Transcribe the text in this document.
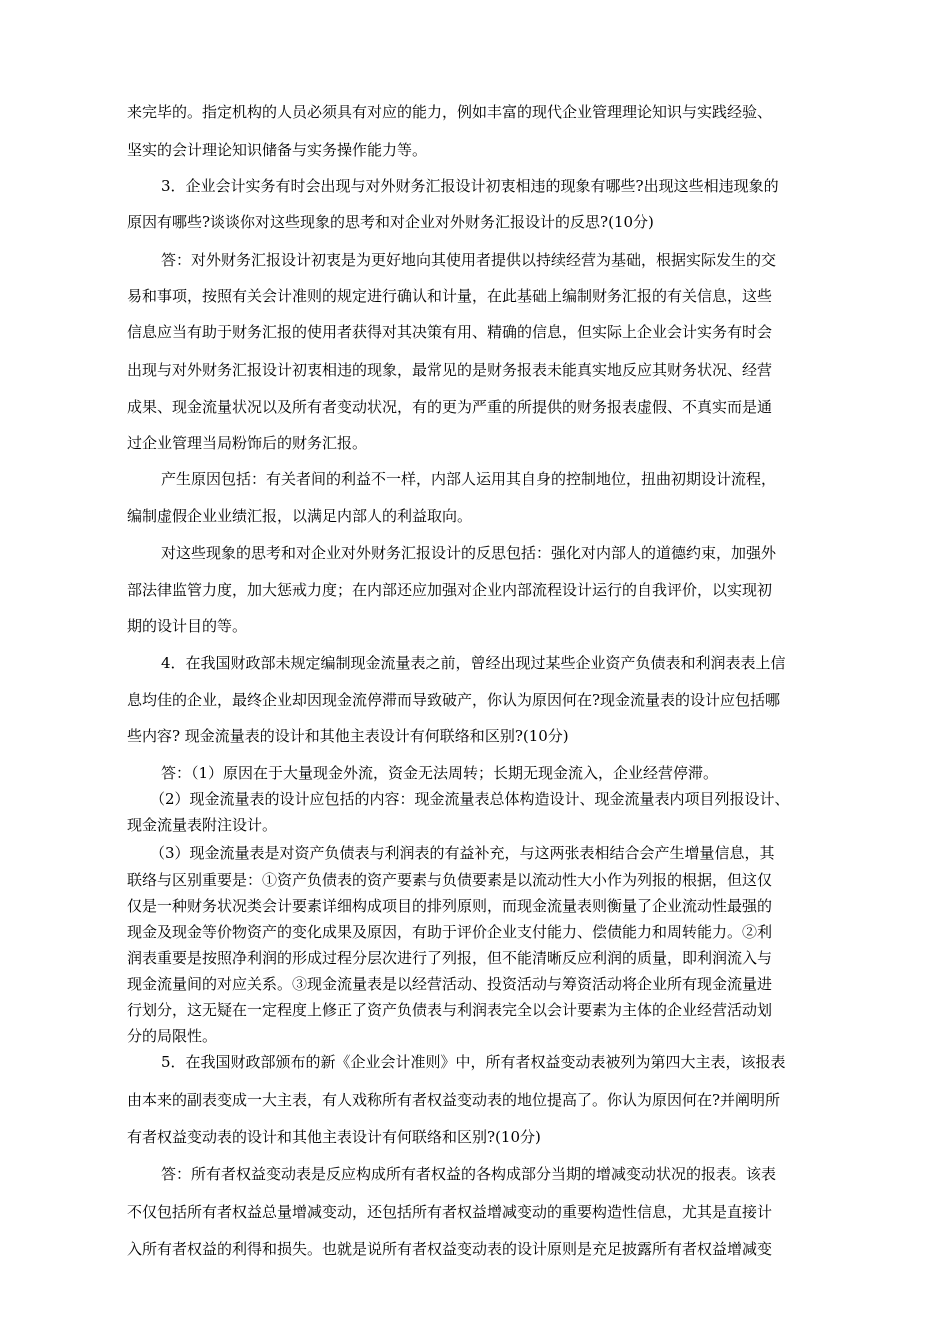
来完毕的。指定机构的人员必须具有对应的能力，例如丰富的现代企业管理理论知识与实践经验、
坚实的会计理论知识储备与实务操作能力等。
3．企业会计实务有时会出现与对外财务汇报设计初衷相违的现象有哪些?出现这些相违现象的
原因有哪些?谈谈你对这些现象的思考和对企业对外财务汇报设计的反思?(10分)
答：对外财务汇报设计初衷是为更好地向其使用者提供以持续经营为基础，根据实际发生的交
易和事项，按照有关会计准则的规定进行确认和计量，在此基础上编制财务汇报的有关信息，这些
信息应当有助于财务汇报的使用者获得对其决策有用、精确的信息，但实际上企业会计实务有时会
出现与对外财务汇报设计初衷相违的现象，最常见的是财务报表未能真实地反应其财务状况、经营
成果、现金流量状况以及所有者变动状况，有的更为严重的所提供的财务报表虚假、不真实而是通
过企业管理当局粉饰后的财务汇报。
产生原因包括：有关者间的利益不一样，内部人运用其自身的控制地位，扭曲初期设计流程，
编制虚假企业业绩汇报，以满足内部人的利益取向。
对这些现象的思考和对企业对外财务汇报设计的反思包括：强化对内部人的道德约束，加强外
部法律监管力度，加大惩戒力度；在内部还应加强对企业内部流程设计运行的自我评价，以实现初
期的设计目的等。
4．在我国财政部未规定编制现金流量表之前，曾经出现过某些企业资产负债表和利润表表上信
息均佳的企业，最终企业却因现金流停滞而导致破产，你认为原因何在?现金流量表的设计应包括哪
些内容? 现金流量表的设计和其他主表设计有何联络和区别?(10分)
答：（1）原因在于大量现金外流，资金无法周转；长期无现金流入，企业经营停滞。
（2）现金流量表的设计应包括的内容：现金流量表总体构造设计、现金流量表内项目列报设计、
现金流量表附注设计。
（3）现金流量表是对资产负债表与利润表的有益补充，与这两张表相结合会产生增量信息，其
联络与区别重要是：①资产负债表的资产要素与负债要素是以流动性大小作为列报的根据，但这仅
仅是一种财务状况类会计要素详细构成项目的排列原则，而现金流量表则衡量了企业流动性最强的
现金及现金等价物资产的变化成果及原因，有助于评价企业支付能力、偿债能力和周转能力。②利
润表重要是按照净利润的形成过程分层次进行了列报，但不能清晰反应利润的质量，即利润流入与
现金流量间的对应关系。③现金流量表是以经营活动、投资活动与筹资活动将企业所有现金流量进
行划分，这无疑在一定程度上修正了资产负债表与利润表完全以会计要素为主体的企业经营活动划
分的局限性。
5．在我国财政部颁布的新《企业会计准则》中，所有者权益变动表被列为第四大主表，该报表
由本来的副表变成一大主表，有人戏称所有者权益变动表的地位提高了。你认为原因何在?并阐明所
有者权益变动表的设计和其他主表设计有何联络和区别?(10分)
答：所有者权益变动表是反应构成所有者权益的各构成部分当期的增减变动状况的报表。该表
不仅包括所有者权益总量增减变动，还包括所有者权益增减变动的重要构造性信息，尤其是直接计
入所有者权益的利得和损失。也就是说所有者权益变动表的设计原则是充足披露所有者权益增减变
